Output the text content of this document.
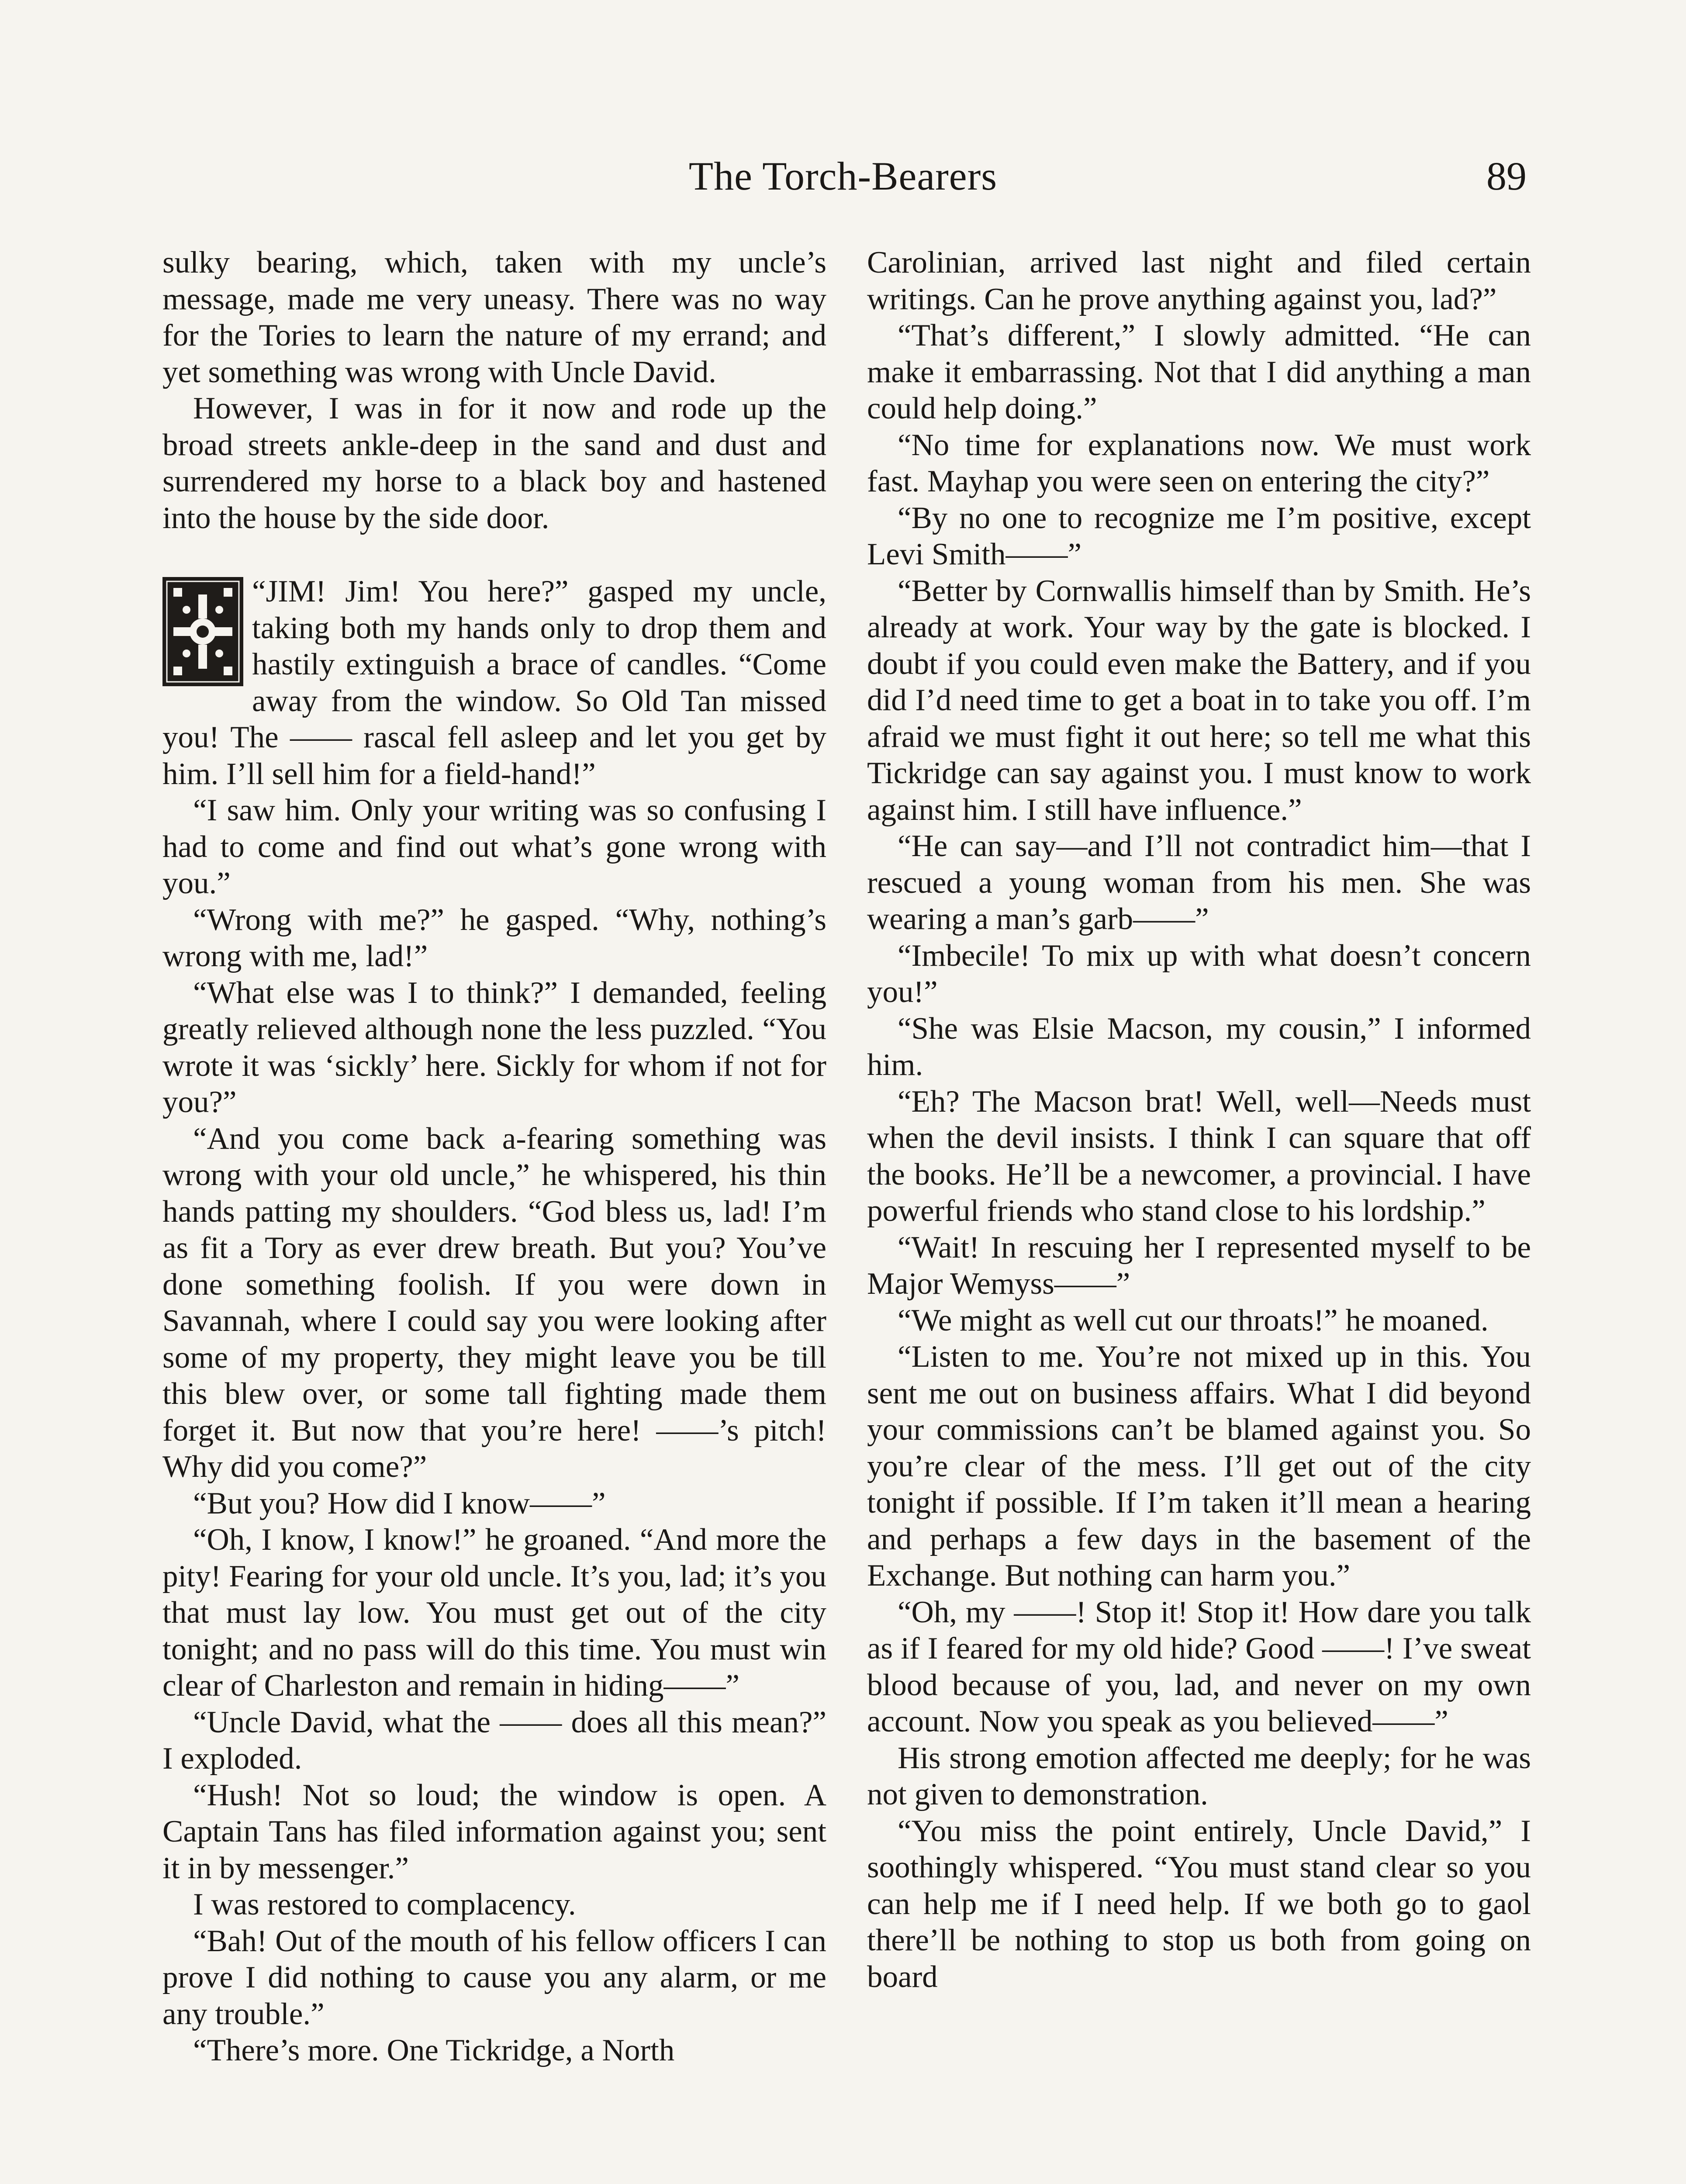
The Torch-Bearers	89

sulky bearing, which, taken with my uncle’s message, made me very uneasy. There was no way for the Tories to learn the nature of my errand; and yet something was wrong with Uncle David.

However, I was in for it now and rode up the broad streets ankle-deep in the sand and dust and surrendered my horse to a black boy and hastened into the house by the side door.

“JIM! Jim! You here?” gasped my uncle, taking both my hands only to drop them and hastily extinguish a brace of candles. “Come away from the window. So Old Tan missed you! The —— rascal fell asleep and let you get by him. I’ll sell him for a field-hand!”

“I saw him. Only your writing was so confusing I had to come and find out what’s gone wrong with you.”

“Wrong with me?” he gasped. “Why, nothing’s wrong with me, lad!”

“What else was I to think?” I demanded, feeling greatly relieved although none the less puzzled. “You wrote it was ‘sickly’ here. Sickly for whom if not for you?”

“And you come back a-fearing something was wrong with your old uncle,” he whispered, his thin hands patting my shoulders. “God bless us, lad! I’m as fit a Tory as ever drew breath. But you? You’ve done something foolish. If you were down in Savannah, where I could say you were looking after some of my property, they might leave you be till this blew over, or some tall fighting made them forget it. But now that you’re here! ——’s pitch! Why did you come?”

“But you? How did I know——”

“Oh, I know, I know!” he groaned. “And more the pity! Fearing for your old uncle. It’s you, lad; it’s you that must lay low. You must get out of the city tonight; and no pass will do this time. You must win clear of Charleston and remain in hiding——”

“Uncle David, what the —— does all this mean?” I exploded.

“Hush! Not so loud; the window is open. A Captain Tans has filed information against you; sent it in by messenger.”

I was restored to complacency.

“Bah! Out of the mouth of his fellow officers I can prove I did nothing to cause you any alarm, or me any trouble.”

“There’s more. One Tickridge, a North

Carolinian, arrived last night and filed certain writings. Can he prove anything against you, lad?”

“That’s different,” I slowly admitted. “He can make it embarrassing. Not that I did anything a man could help doing.”

“No time for explanations now. We must work fast. Mayhap you were seen on entering the city?”

“By no one to recognize me I’m positive, except Levi Smith——”

“Better by Cornwallis himself than by Smith. He’s already at work. Your way by the gate is blocked. I doubt if you could even make the Battery, and if you did I’d need time to get a boat in to take you off. I’m afraid we must fight it out here; so tell me what this Tickridge can say against you. I must know to work against him. I still have influence.”

“He can say—and I’ll not contradict him—that I rescued a young woman from his men. She was wearing a man’s garb——”

“Imbecile! To mix up with what doesn’t concern you!”

“She was Elsie Macson, my cousin,” I informed him.

“Eh? The Macson brat! Well, well—Needs must when the devil insists. I think I can square that off the books. He’ll be a newcomer, a provincial. I have powerful friends who stand close to his lordship.”

“Wait! In rescuing her I represented myself to be Major Wemyss——”

“We might as well cut our throats!” he moaned.

“Listen to me. You’re not mixed up in this. You sent me out on business affairs. What I did beyond your commissions can’t be blamed against you. So you’re clear of the mess. I’ll get out of the city tonight if possible. If I’m taken it’ll mean a hearing and perhaps a few days in the basement of the Exchange. But nothing can harm you.”

“Oh, my ——! Stop it! Stop it! How dare you talk as if I feared for my old hide? Good ——! I’ve sweat blood because of you, lad, and never on my own account. Now you speak as you believed——”

His strong emotion affected me deeply; for he was not given to demonstration.

“You miss the point entirely, Uncle David,” I soothingly whispered. “You must stand clear so you can help me if I need help. If we both go to gaol there’ll be nothing to stop us both from going on board
